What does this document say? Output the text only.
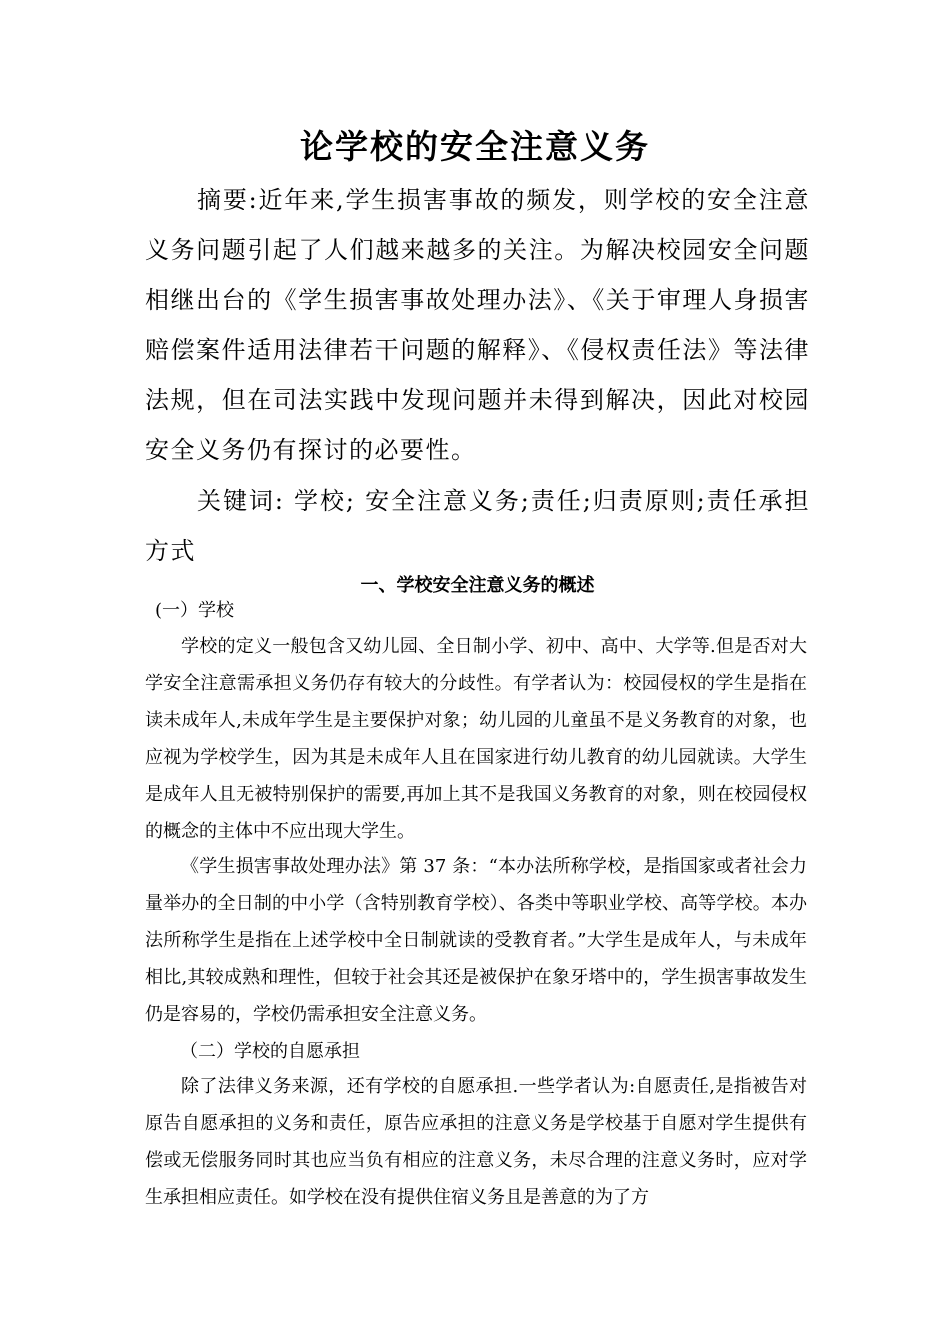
论学校的安全注意义务
摘要:近年来,学生损害事故的频发，则学校的安全注意义务问题引起了人们越来越多的关注。为解决校园安全问题相继出台的《学生损害事故处理办法》、《关于审理人身损害赔偿案件适用法律若干问题的解释》、《侵权责任法》等法律法规，但在司法实践中发现问题并未得到解决，因此对校园安全义务仍有探讨的必要性。
关键词: 学校; 安全注意义务;责任;归责原则;责任承担方式
一、学校安全注意义务的概述
(一）学校
学校的定义一般包含又幼儿园、全日制小学、初中、高中、大学等.但是否对大学安全注意需承担义务仍存有较大的分歧性。有学者认为：校园侵权的学生是指在读未成年人,未成年学生是主要保护对象；幼儿园的儿童虽不是义务教育的对象，也应视为学校学生，因为其是未成年人且在国家进行幼儿教育的幼儿园就读。大学生是成年人且无被特别保护的需要,再加上其不是我国义务教育的对象，则在校园侵权的概念的主体中不应出现大学生。
《学生损害事故处理办法》第 37 条：“本办法所称学校，是指国家或者社会力量举办的全日制的中小学（含特别教育学校）、各类中等职业学校、高等学校。本办法所称学生是指在上述学校中全日制就读的受教育者。”大学生是成年人，与未成年相比,其较成熟和理性，但较于社会其还是被保护在象牙塔中的，学生损害事故发生仍是容易的，学校仍需承担安全注意义务。
（二）学校的自愿承担
除了法律义务来源，还有学校的自愿承担.一些学者认为:自愿责任,是指被告对原告自愿承担的义务和责任，原告应承担的注意义务是学校基于自愿对学生提供有偿或无偿服务同时其也应当负有相应的注意义务，未尽合理的注意义务时，应对学生承担相应责任。如学校在没有提供住宿义务且是善意的为了方
